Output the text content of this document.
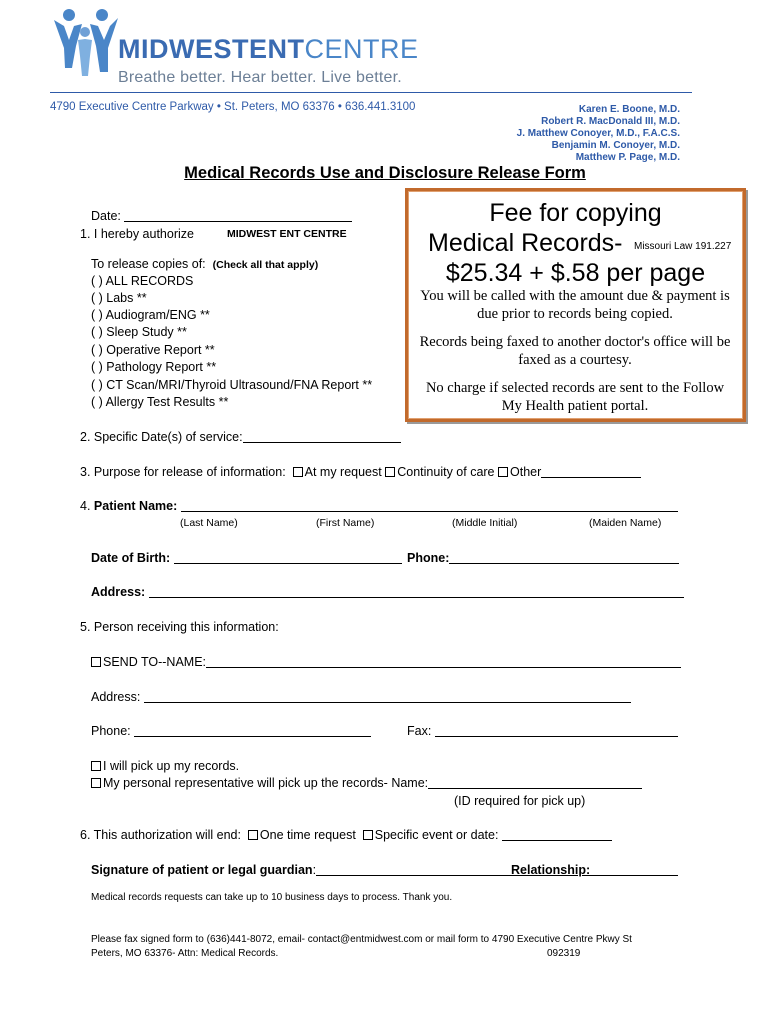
MIDWESTENTCENTRE
Breathe better. Hear better. Live better.
4790 Executive Centre Parkway • St. Peters, MO 63376 • 636.441.3100	Karen E. Boone, M.D.
Robert R. MacDonald III, M.D.
J. Matthew Conoyer, M.D., F.A.C.S.
Benjamin M. Conoyer, M.D.
Matthew P. Page, M.D.
Medical Records Use and Disclosure Release Form
Fee for copying
Medical Records- Missouri Law 191.227
$25.34 + $.58 per page
You will be called with the amount due & payment is due prior to records being copied.
Records being faxed to another doctor's office will be faxed as a courtesy.
No charge if selected records are sent to the Follow My Health patient portal.
Date:
1. I hereby authorize	MIDWEST ENT CENTRE
To release copies of: (Check all that apply)
( ) ALL RECORDS
( ) Labs **
( ) Audiogram/ENG **
( ) Sleep Study **
( ) Operative Report **
( ) Pathology Report **
( ) CT Scan/MRI/Thyroid Ultrasound/FNA Report **
( ) Allergy Test Results **
2. Specific Date(s) of service:
3. Purpose for release of information: At my request Continuity of care Other
4. Patient Name:
(Last Name)	(First Name)	(Middle Initial)	(Maiden Name)
Date of Birth:	Phone:
Address:
5. Person receiving this information:
SEND TO--NAME:
Address:
Phone:	Fax:
I will pick up my records.
My personal representative will pick up the records- Name:
(ID required for pick up)
6. This authorization will end: One time request Specific event or date:
Signature of patient or legal guardian:	Relationship:
Medical records requests can take up to 10 business days to process. Thank you.
Please fax signed form to (636)441-8072, email- contact@entmidwest.com or mail form to 4790 Executive Centre Pkwy St
Peters, MO 63376- Attn: Medical Records.	092319
